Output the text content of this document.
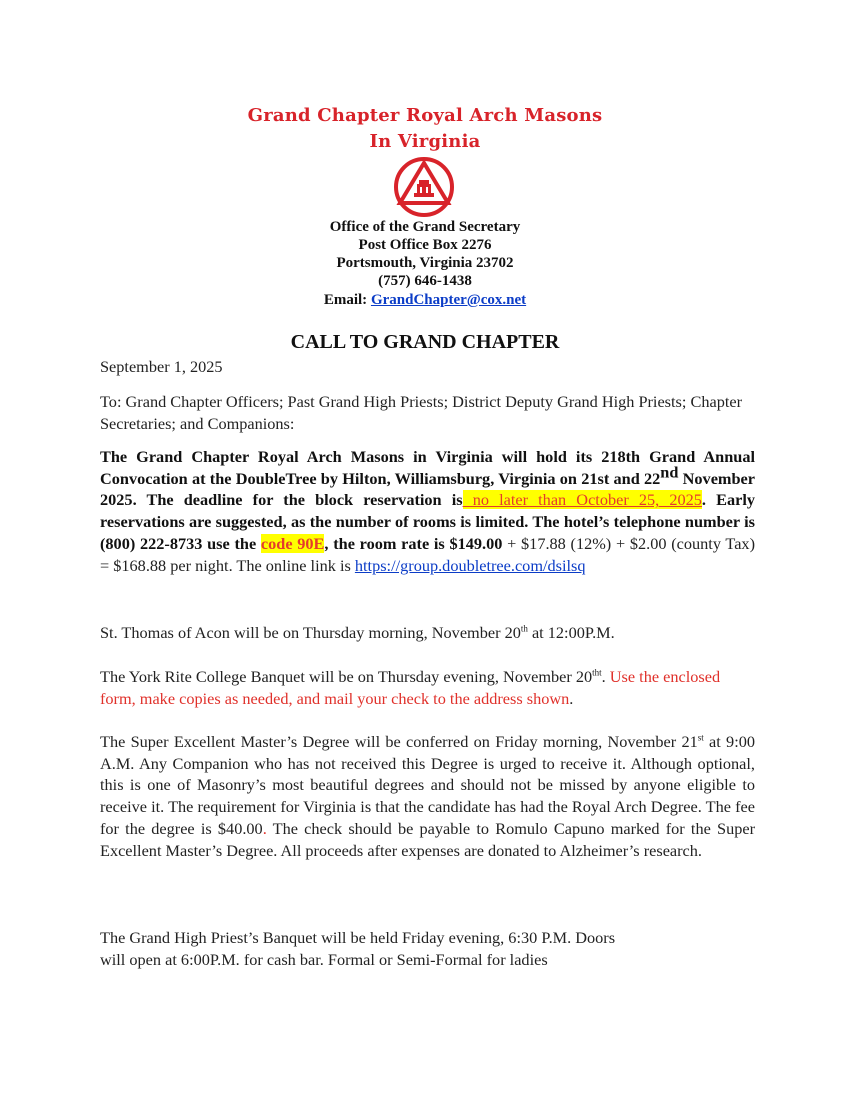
Grand Chapter Royal Arch Masons
In Virginia
Office of the Grand Secretary
Post Office Box 2276
Portsmouth, Virginia 23702
(757) 646-1438
Email: GrandChapter@cox.net
CALL TO GRAND CHAPTER
September 1, 2025
To: Grand Chapter Officers; Past Grand High Priests; District Deputy Grand High Priests; Chapter Secretaries; and Companions:
The Grand Chapter Royal Arch Masons in Virginia will hold its 218th Grand Annual Convocation at the DoubleTree by Hilton, Williamsburg, Virginia on 21st and 22nd November 2025. The deadline for the block reservation is no later than October 25, 2025. Early reservations are suggested, as the number of rooms is limited. The hotel’s telephone number is (800) 222-8733 use the code 90E, the room rate is $149.00 + $17.88 (12%) + $2.00 (county Tax) = $168.88 per night. The online link is https://group.doubletree.com/dsilsq
St. Thomas of Acon will be on Thursday morning, November 20th at 12:00P.M.
The York Rite College Banquet will be on Thursday evening, November $20^{tht}$. Use the enclosed form, make copies as needed, and mail your check to the address shown.
The Super Excellent Master’s Degree will be conferred on Friday morning, November 21st at 9:00 A.M. Any Companion who has not received this Degree is urged to receive it. Although optional, this is one of Masonry’s most beautiful degrees and should not be missed by anyone eligible to receive it. The requirement for Virginia is that the candidate has had the Royal Arch Degree. The fee for the degree is $40.00. The check should be payable to Romulo Capuno marked for the Super Excellent Master’s Degree. All proceeds after expenses are donated to Alzheimer’s research.
The Grand High Priest’s Banquet will be held Friday evening, 6:30 P.M. Doors
will open at 6:00P.M. for cash bar. Formal or Semi-Formal for ladies
